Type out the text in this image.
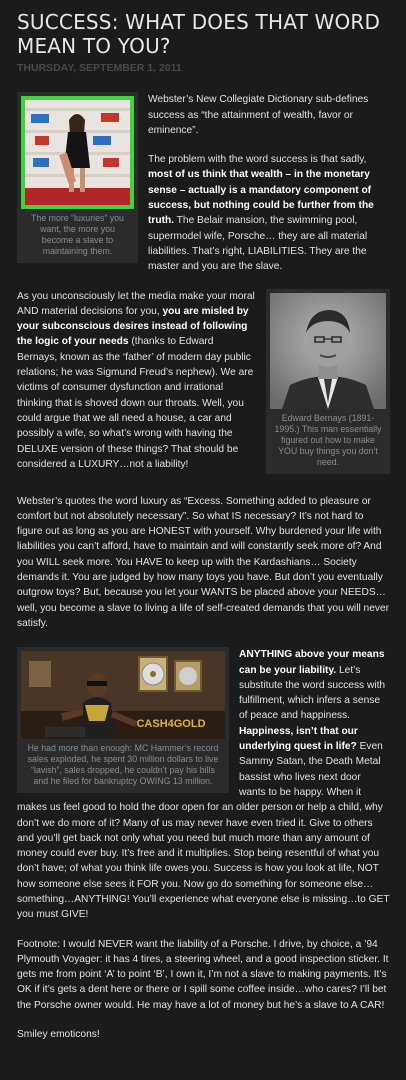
SUCCESS: WHAT DOES THAT WORD MEAN TO YOU?
THURSDAY, SEPTEMBER 1, 2011
The more “luxuries” you want, the more you become a slave to maintaining them.

Webster’s New Collegiate Dictionary sub-defines success as “the attainment of wealth, favor or eminence”.

The problem with the word success is that sadly, most of us think that wealth – in the monetary sense – actually is a mandatory component of success, but nothing could be further from the truth. The Belair mansion, the swimming pool, supermodel wife, Porsche… they are all material liabilities. That’s right, LIABILITIES. They are the master and you are the slave.

Edward Bernays (1891-1995.) This man essentially figured out how to make YOU buy things you don’t need.

As you unconsciously let the media make your moral AND material decisions for you, you are misled by your subconscious desires instead of following the logic of your needs (thanks to Edward Bernays, known as the ‘father’ of modern day public relations; he was Sigmund Freud’s nephew). We are victims of consumer dysfunction and irrational thinking that is shoved down our throats. Well, you could argue that we all need a house, a car and possibly a wife, so what’s wrong with having the DELUXE version of these things? That should be considered a LUXURY…not a liability!

Webster’s quotes the word luxury as “Excess. Something added to pleasure or comfort but not absolutely necessary”. So what IS necessary? It’s not hard to figure out as long as you are HONEST with yourself. Why burdened your life with liabilities you can’t afford, have to maintain and will constantly seek more of? And you WILL seek more. You HAVE to keep up with the Kardashians… Society demands it. You are judged by how many toys you have. But don’t you eventually outgrow toys? But, because you let your WANTS be placed above your NEEDS…well, you become a slave to living a life of self-created demands that you will never satisfy.

CASH4GOLD
He had more than enough: MC Hammer’s record sales exploded, he spent 30 million dollars to live “lavish”, sales dropped, he couldn’t pay his bills and he filed for bankruptcy OWING 13 million.

ANYTHING above your means can be your liability. Let’s substitute the word success with fulfillment, which infers a sense of peace and happiness. Happiness, isn’t that our underlying quest in life? Even Sammy Satan, the Death Metal bassist who lives next door wants to be happy. When it makes us feel good to hold the door open for an older person or help a child, why don’t we do more of it? Many of us may never have even tried it. Give to others and you’ll get back not only what you need but much more than any amount of money could ever buy. It’s free and it multiplies. Stop being resentful of what you don’t have; of what you think life owes you. Success is how you look at life, NOT how someone else sees it FOR you. Now go do something for someone else…something…ANYTHING! You’ll experience what everyone else is missing…to GET you must GIVE!

Footnote: I would NEVER want the liability of a Porsche. I drive, by choice, a ’94 Plymouth Voyager: it has 4 tires, a steering wheel, and a good inspection sticker. It gets me from point ‘A’ to point ‘B’, I own it, I’m not a slave to making payments. It’s OK if it’s gets a dent here or there or I spill some coffee inside…who cares? I’ll bet the Porsche owner would. He may have a lot of money but he’s a slave to A CAR!

Smiley emoticons!
